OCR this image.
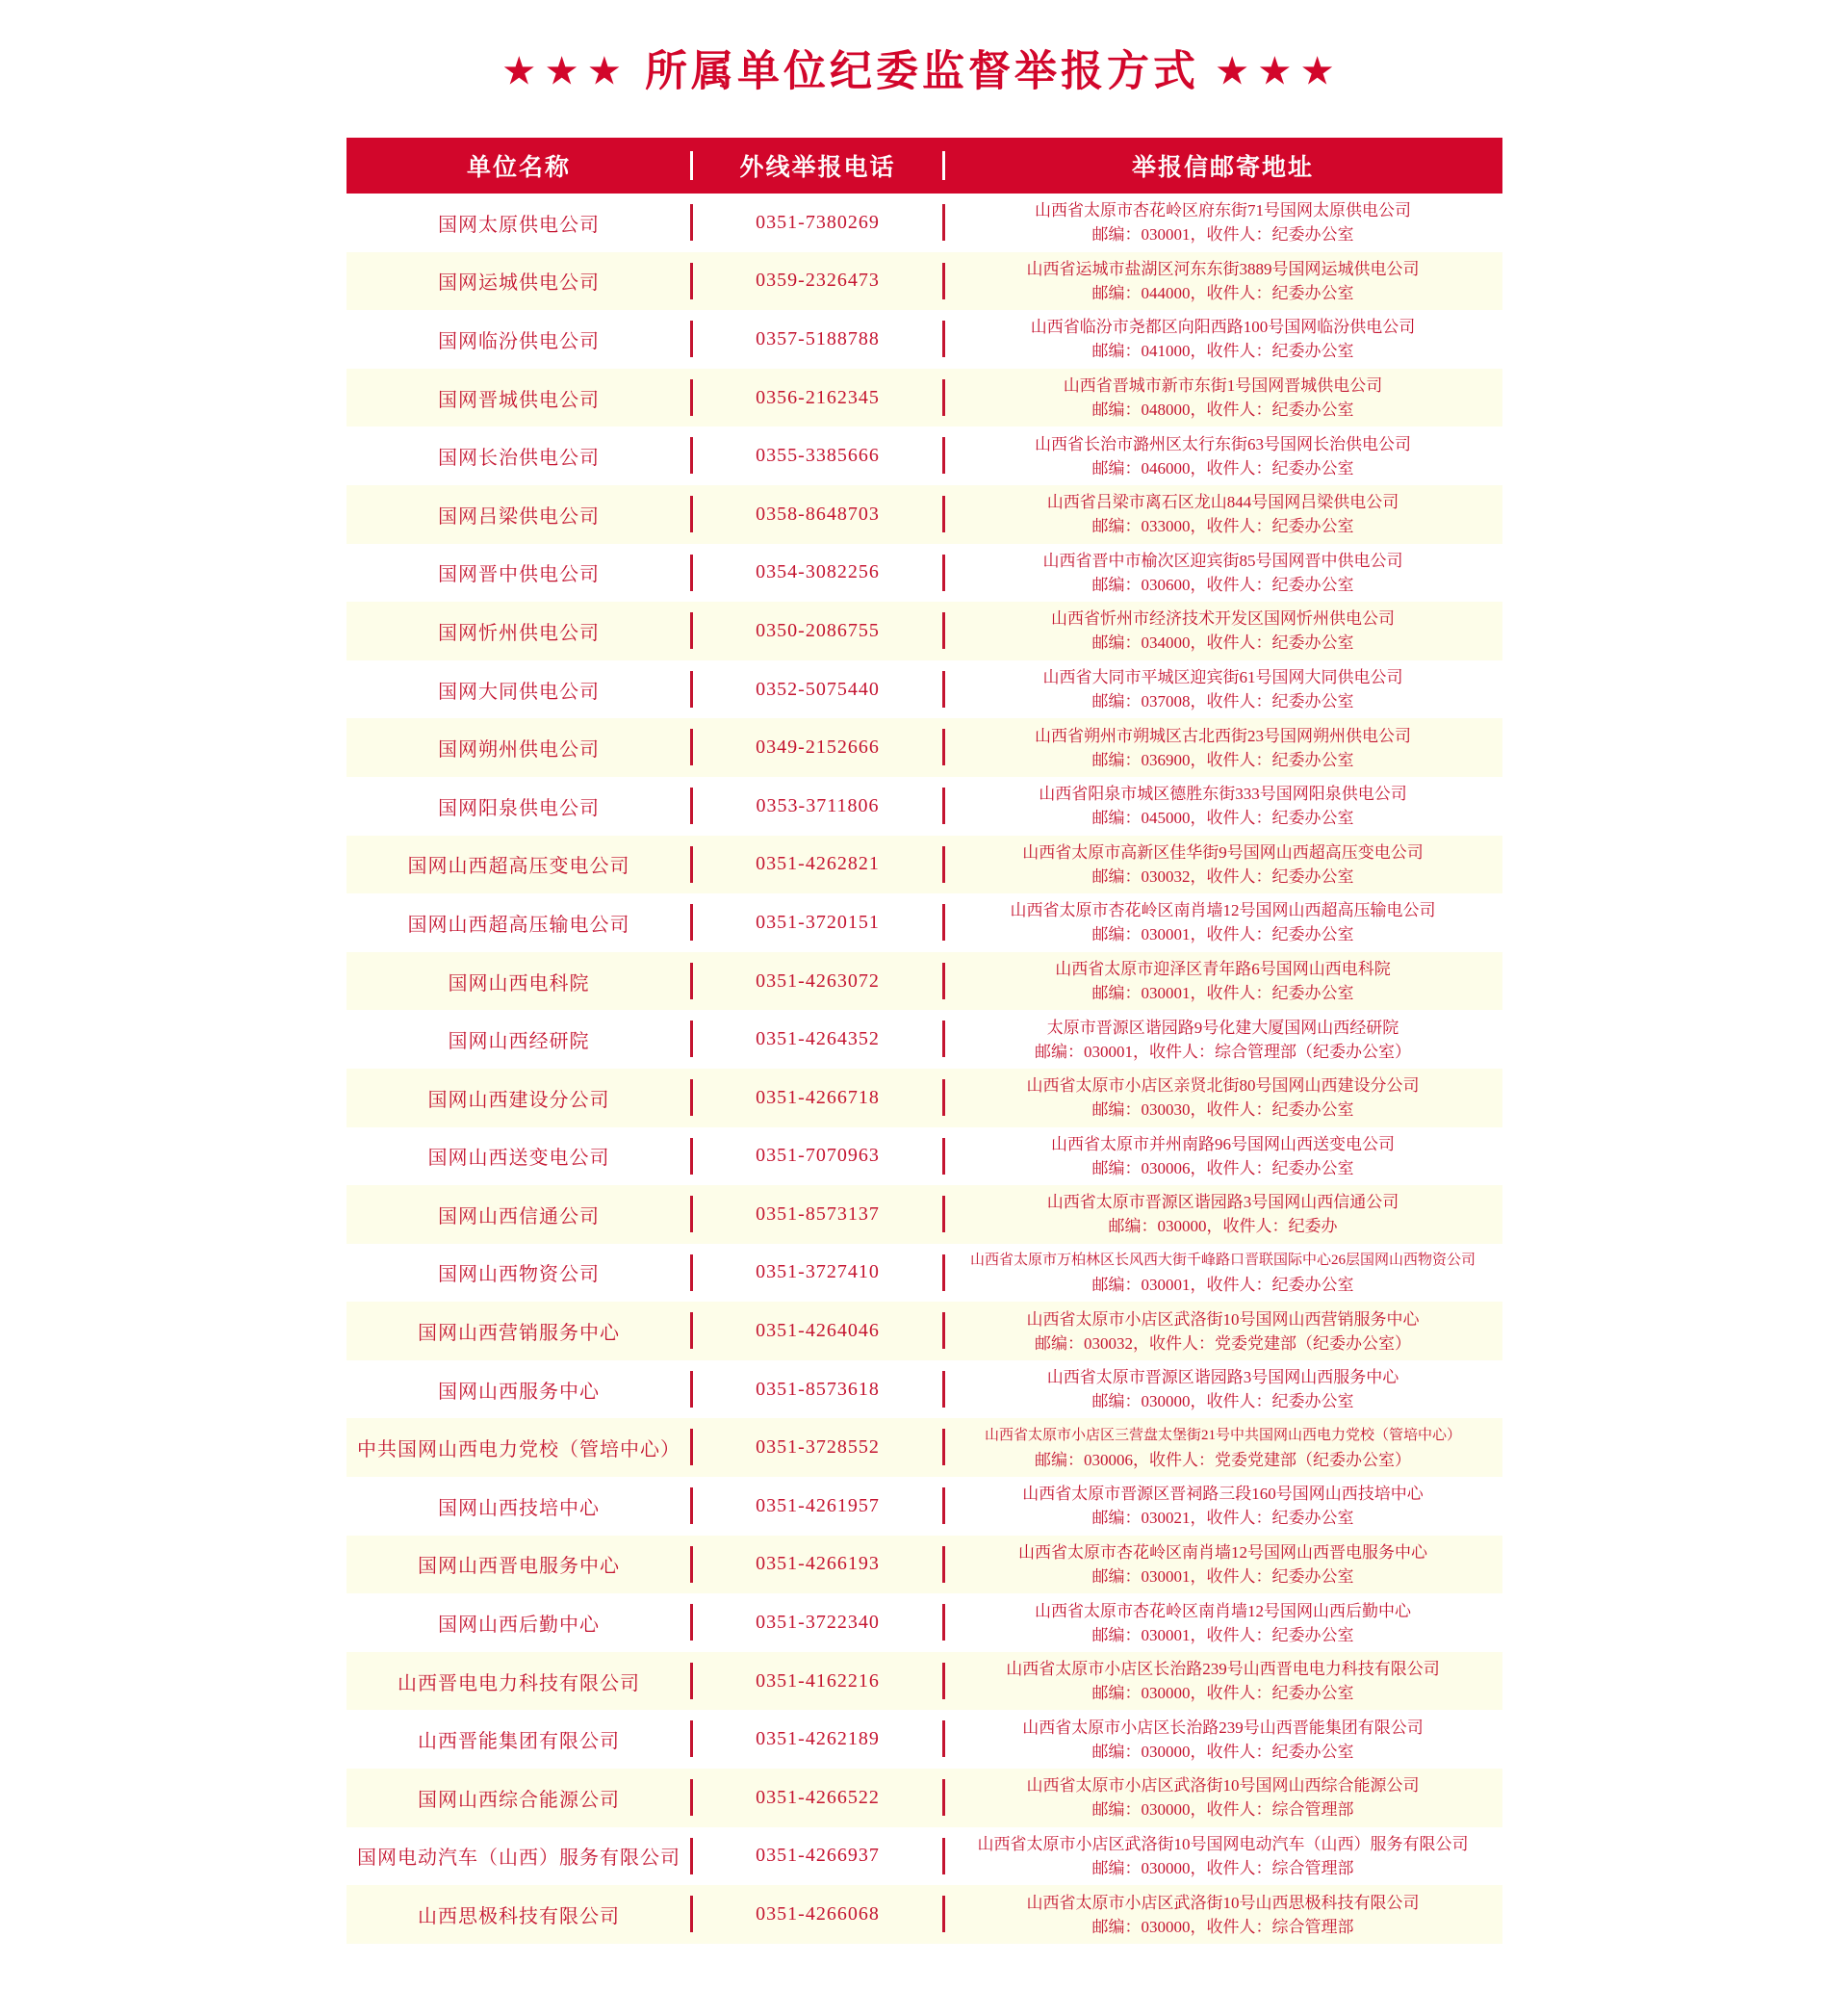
★★★ 所属单位纪委监督举报方式 ★★★
单位名称	外线举报电话	举报信邮寄地址
国网太原供电公司	0351-7380269
山西省太原市杏花岭区府东街71号国网太原供电公司
邮编：030001，收件人：纪委办公室
国网运城供电公司	0359-2326473
山西省运城市盐湖区河东东街3889号国网运城供电公司
邮编：044000，收件人：纪委办公室
国网临汾供电公司	0357-5188788
山西省临汾市尧都区向阳西路100号国网临汾供电公司
邮编：041000，收件人：纪委办公室
国网晋城供电公司	0356-2162345
山西省晋城市新市东街1号国网晋城供电公司
邮编：048000，收件人：纪委办公室
国网长治供电公司	0355-3385666
山西省长治市潞州区太行东街63号国网长治供电公司
邮编：046000，收件人：纪委办公室
国网吕梁供电公司	0358-8648703
山西省吕梁市离石区龙山844号国网吕梁供电公司
邮编：033000，收件人：纪委办公室
国网晋中供电公司	0354-3082256
山西省晋中市榆次区迎宾街85号国网晋中供电公司
邮编：030600，收件人：纪委办公室
国网忻州供电公司	0350-2086755
山西省忻州市经济技术开发区国网忻州供电公司
邮编：034000，收件人：纪委办公室
国网大同供电公司	0352-5075440
山西省大同市平城区迎宾街61号国网大同供电公司
邮编：037008，收件人：纪委办公室
国网朔州供电公司	0349-2152666
山西省朔州市朔城区古北西街23号国网朔州供电公司
邮编：036900，收件人：纪委办公室
国网阳泉供电公司	0353-3711806
山西省阳泉市城区德胜东街333号国网阳泉供电公司
邮编：045000，收件人：纪委办公室
国网山西超高压变电公司	0351-4262821
山西省太原市高新区佳华街9号国网山西超高压变电公司
邮编：030032，收件人：纪委办公室
国网山西超高压输电公司	0351-3720151
山西省太原市杏花岭区南肖墙12号国网山西超高压输电公司
邮编：030001，收件人：纪委办公室
国网山西电科院	0351-4263072
山西省太原市迎泽区青年路6号国网山西电科院
邮编：030001，收件人：纪委办公室
国网山西经研院	0351-4264352
太原市晋源区谐园路9号化建大厦国网山西经研院
邮编：030001，收件人：综合管理部（纪委办公室）
国网山西建设分公司	0351-4266718
山西省太原市小店区亲贤北街80号国网山西建设分公司
邮编：030030，收件人：纪委办公室
国网山西送变电公司	0351-7070963
山西省太原市并州南路96号国网山西送变电公司
邮编：030006，收件人：纪委办公室
国网山西信通公司	0351-8573137
山西省太原市晋源区谐园路3号国网山西信通公司
邮编：030000，收件人：纪委办
国网山西物资公司	0351-3727410
山西省太原市万柏林区长风西大街千峰路口晋联国际中心26层国网山西物资公司
邮编：030001，收件人：纪委办公室
国网山西营销服务中心	0351-4264046
山西省太原市小店区武洛街10号国网山西营销服务中心
邮编：030032，收件人：党委党建部（纪委办公室）
国网山西服务中心	0351-8573618
山西省太原市晋源区谐园路3号国网山西服务中心
邮编：030000，收件人：纪委办公室
中共国网山西电力党校（管培中心）	0351-3728552
山西省太原市小店区三营盘太堡街21号中共国网山西电力党校（管培中心）
邮编：030006，收件人：党委党建部（纪委办公室）
国网山西技培中心	0351-4261957
山西省太原市晋源区晋祠路三段160号国网山西技培中心
邮编：030021，收件人：纪委办公室
国网山西晋电服务中心	0351-4266193
山西省太原市杏花岭区南肖墙12号国网山西晋电服务中心
邮编：030001，收件人：纪委办公室
国网山西后勤中心	0351-3722340
山西省太原市杏花岭区南肖墙12号国网山西后勤中心
邮编：030001，收件人：纪委办公室
山西晋电电力科技有限公司	0351-4162216
山西省太原市小店区长治路239号山西晋电电力科技有限公司
邮编：030000，收件人：纪委办公室
山西晋能集团有限公司	0351-4262189
山西省太原市小店区长治路239号山西晋能集团有限公司
邮编：030000，收件人：纪委办公室
国网山西综合能源公司	0351-4266522
山西省太原市小店区武洛街10号国网山西综合能源公司
邮编：030000，收件人：综合管理部
国网电动汽车（山西）服务有限公司	0351-4266937
山西省太原市小店区武洛街10号国网电动汽车（山西）服务有限公司
邮编：030000，收件人：综合管理部
山西思极科技有限公司	0351-4266068
山西省太原市小店区武洛街10号山西思极科技有限公司
邮编：030000，收件人：综合管理部
